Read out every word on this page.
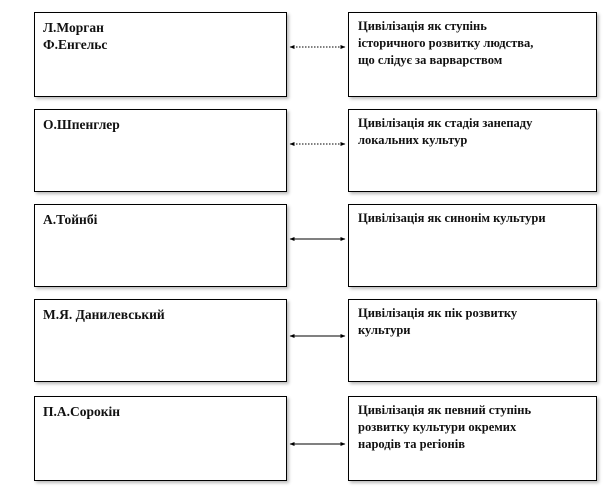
Л.Морган
Ф.Енгельс
О.Шпенглер
А.Тойнбі
М.Я. Данилевський
П.А.Сорокін
Цивілізація як ступінь
історичного розвитку людства,
що слідує за варварством
Цивілізація як стадія занепаду
локальних культур
Цивілізація як синонім культури
Цивілізація як пік розвитку
культури
Цивілізація як певний ступінь
розвитку культури окремих
народів та регіонів
